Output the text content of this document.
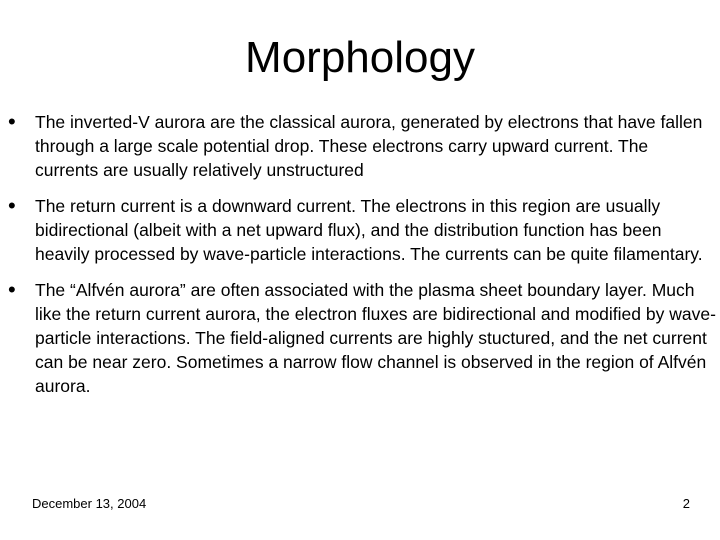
Morphology
• The inverted-V aurora are the classical aurora, generated by electrons that have fallen through a large scale potential drop. These electrons carry upward current. The currents are usually relatively unstructured
• The return current is a downward current. The electrons in this region are usually bidirectional (albeit with a net upward flux), and the distribution function has been heavily processed by wave-particle interactions. The currents can be quite filamentary.
• The “Alfvén aurora” are often associated with the plasma sheet boundary layer. Much like the return current aurora, the electron fluxes are bidirectional and modified by wave-particle interactions. The field-aligned currents are highly stuctured, and the net current can be near zero. Sometimes a narrow flow channel is observed in the region of Alfvén aurora.
December 13, 2004	2
